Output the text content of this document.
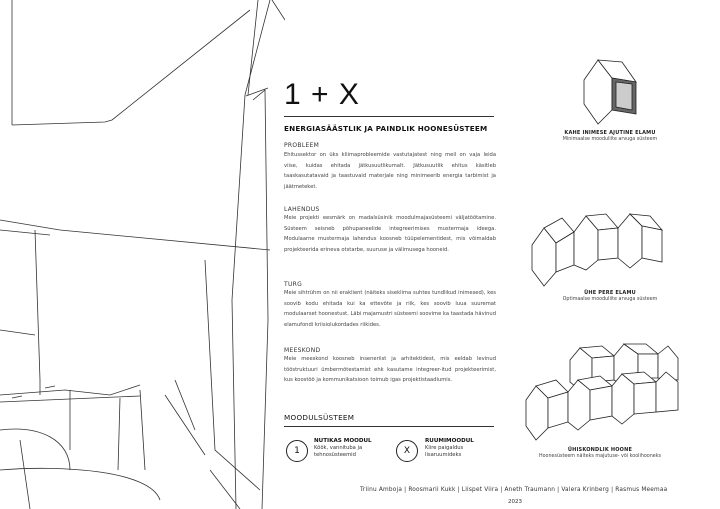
1 + X
ENERGIASÄÄSTLIK JA PAINDLIK HOONESÜSTEEM
PROBLEEM

Ehitussektor on üks kliimaprobleemide vastutajatest ning meil on vaja leida viise, kuidas ehitada jätkusuutlikumalt. Jätkusuutlik ehitus käsitleb taaskasutatavaid ja taastuvaid materjale ning minimeerib energia tarbimist ja jäätmeteket.

LAHENDUS

Meie projekti eesmärk on madalsüsinik moodulmajasüsteemi väljatöötamine. Süsteem seisneb põhupaneelide integreerimises mustermaja ideega. Modulaarne mustermaja lahendus koosneb tüüpelementidest, mis võimaldab projekteerida erineva otstarbe, suuruse ja välimusega hooneid.

TURG

Meie sihtrühm on nii eraklient (näiteks siseklima suhtes tundlikud inimesed), kes soovib kodu ehitada kui ka ettevõte ja riik, kes soovib luua suuremat modulaarset hoonestust. Läbi majamustri süsteemi soovime ka taastada hävinud elamufondi kriisiolukordades riikides.

MEESKOND

Meie meeskond koosneb inseneriist ja arhitektidest, mis eeldab levinud tööstruktuuri ümbermõtestamist ehk kasutame integreer-itud projekteerimist, kus koostöö ja kommunikatsioon toimub igas projektistaadiumis.

MOODULSÜSTEEM
1
NUTIKAS MOODUL
Köök, vannituba ja tehnosüsteemid	X
RUUMIMOODUL
Kiire paigaldus lisaruumideks
KAHE INIMESE AJUTINE ELAMU
Minimaalse mooduliite arvuga süsteem
ÜHE PERE ELAMU
Optimaalse mooduliite arvuga süsteem
ÜHISKONDLIK HOONE
Hoonesüsteem näiteks majutuse- või koolihooneks
Triinu Amboja | Roosmarii Kukk | Liispet Viira | Aneth Traumann | Valera Krinberg | Rasmus Meemaa
2023
